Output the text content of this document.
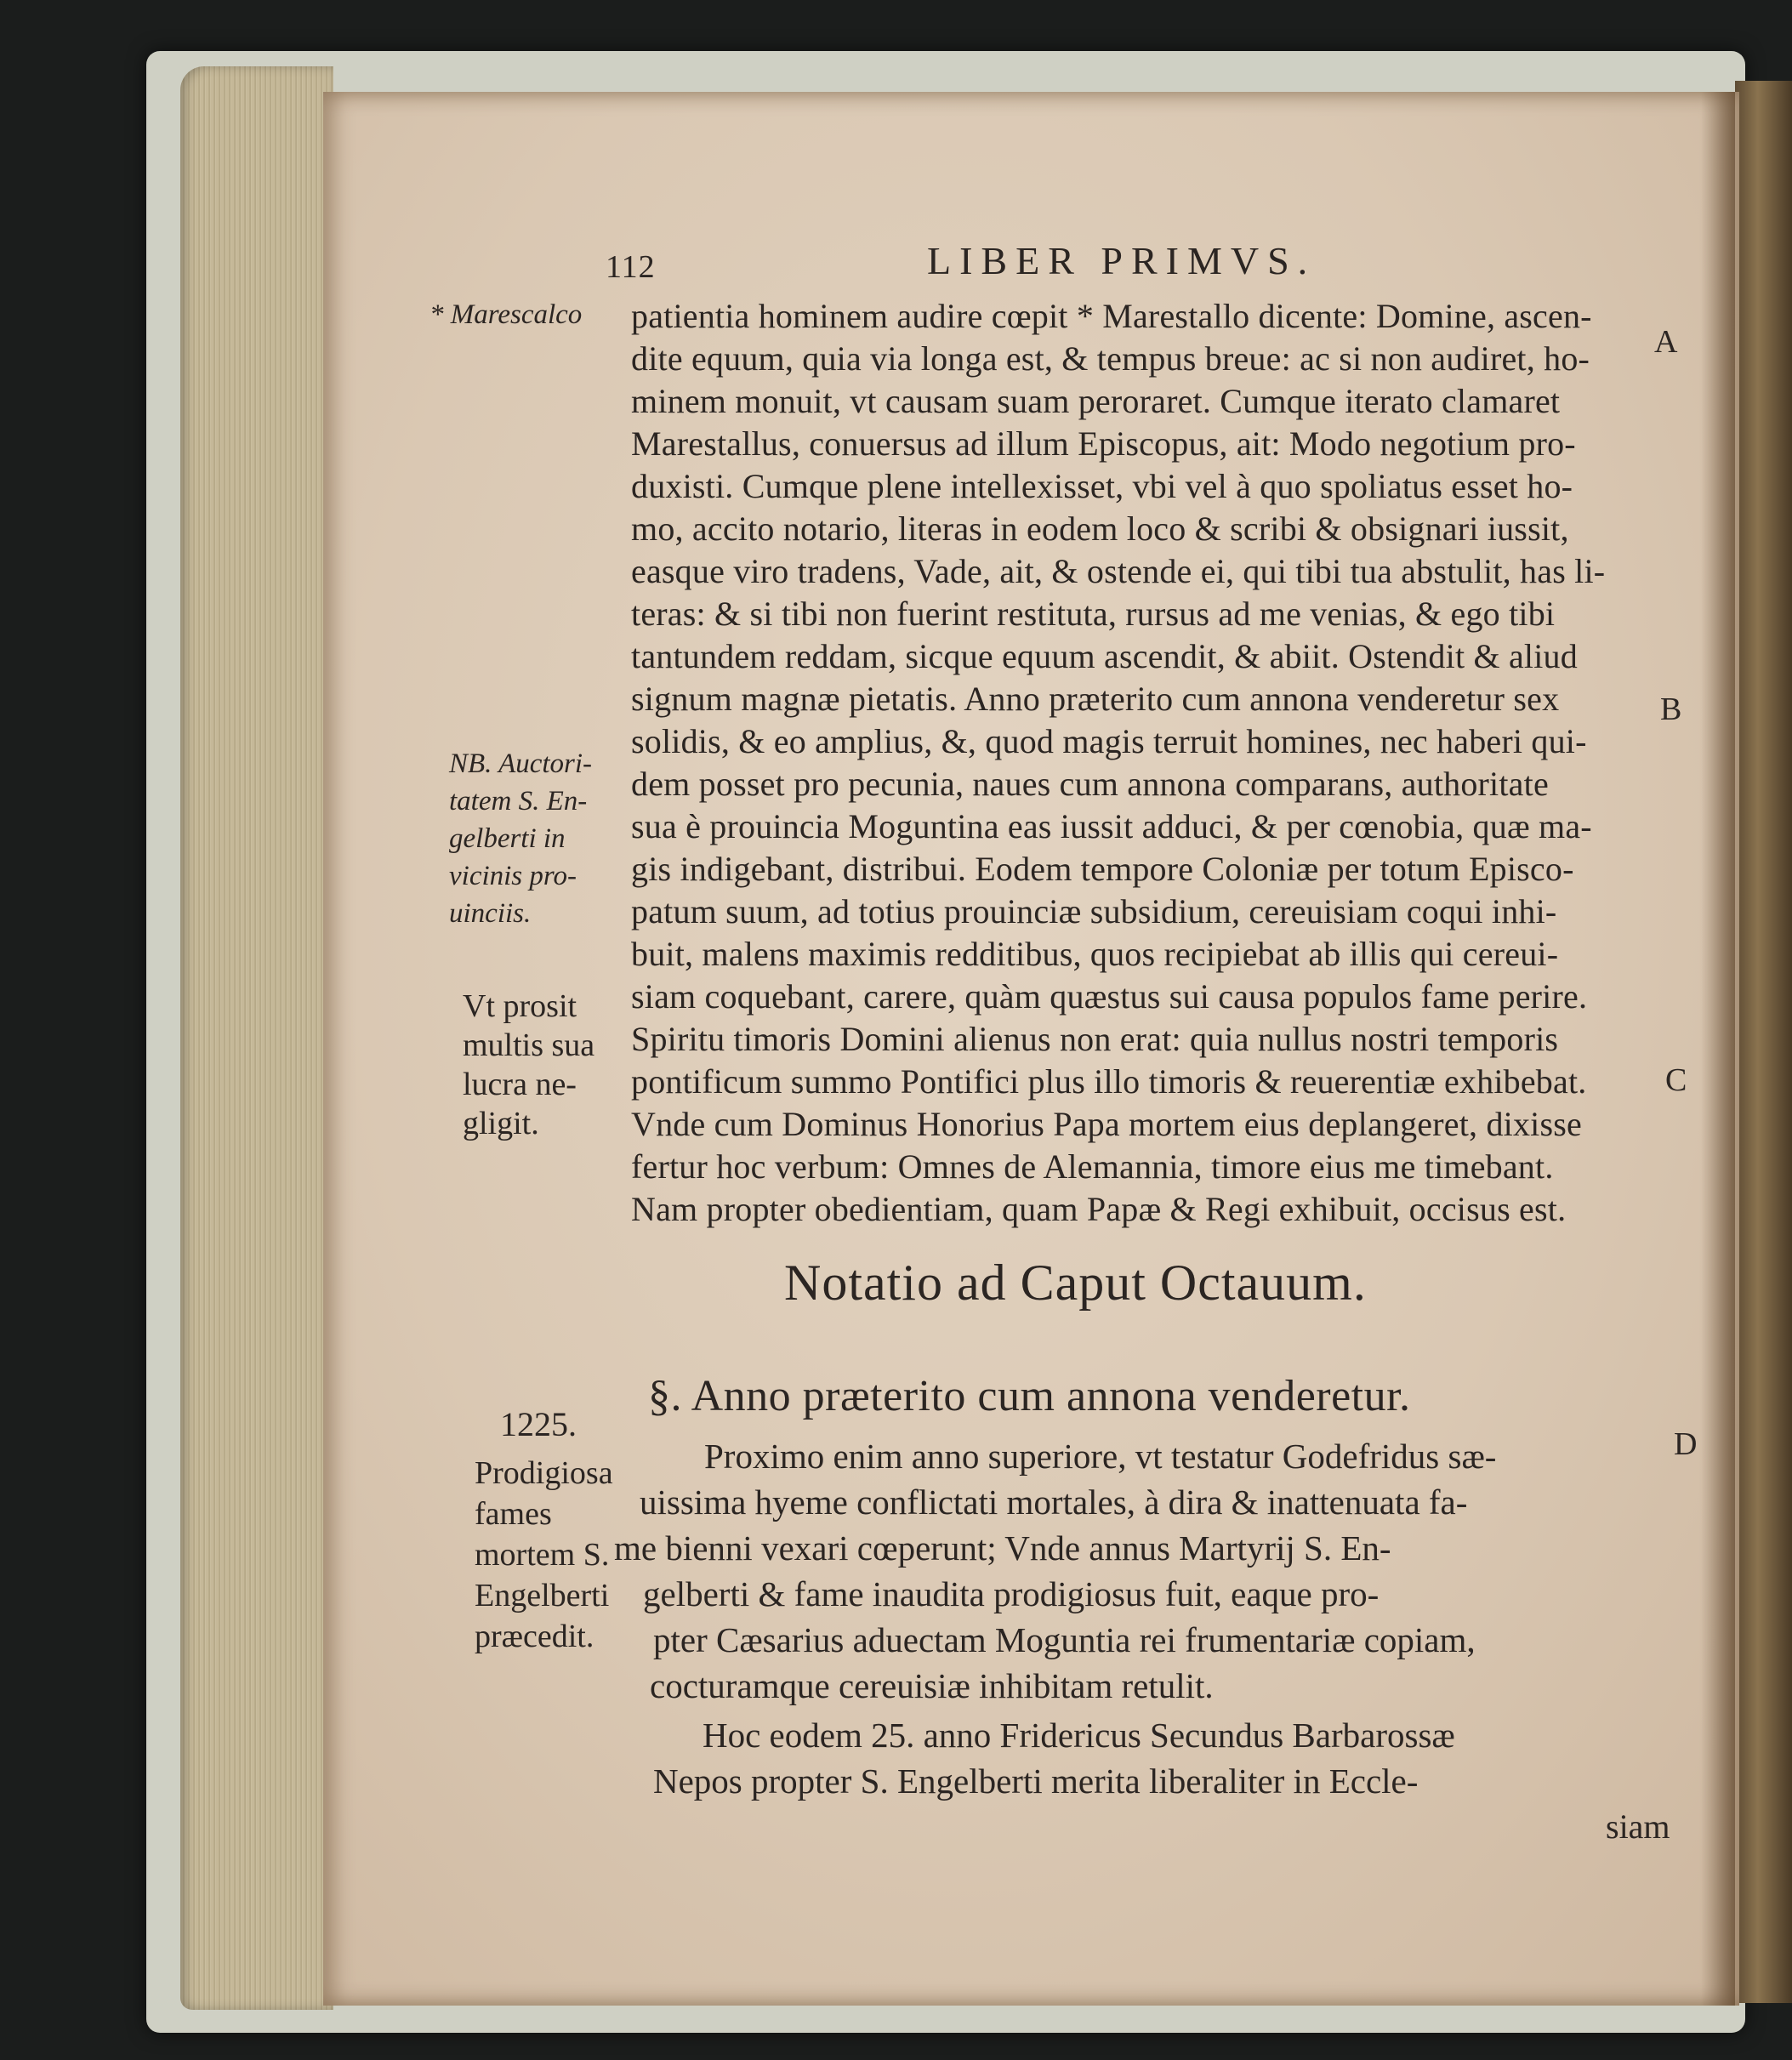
112	LIBER PRIMVS.
* Marescalco
NB. Auctori-
tatem S. En-
gelberti in
vicinis pro-
uinciis.
Vt prosit
multis sua
lucra ne-
gligit.
1225.
Prodigiosa
fames
mortem S.
Engelberti
præcedit.
A
B
C
D
patientia hominem audire cœpit * Marestallo dicente: Domine, ascen-
dite equum, quia via longa est, & tempus breue: ac si non audiret, ho-
minem monuit, vt causam suam peroraret. Cumque iterato clamaret
Marestallus, conuersus ad illum Episcopus, ait: Modo negotium pro-
duxisti. Cumque plene intellexisset, vbi vel à quo spoliatus esset ho-
mo, accito notario, literas in eodem loco & scribi & obsignari iussit,
easque viro tradens, Vade, ait, & ostende ei, qui tibi tua abstulit, has li-
teras: & si tibi non fuerint restituta, rursus ad me venias, & ego tibi
tantundem reddam, sicque equum ascendit, & abiit. Ostendit & aliud
signum magnæ pietatis. Anno præterito cum annona venderetur sex
solidis, & eo amplius, &, quod magis terruit homines, nec haberi qui-
dem posset pro pecunia, naues cum annona comparans, authoritate
sua è prouincia Moguntina eas iussit adduci, & per cœnobia, quæ ma-
gis indigebant, distribui. Eodem tempore Coloniæ per totum Episco-
patum suum, ad totius prouinciæ subsidium, cereuisiam coqui inhi-
buit, malens maximis redditibus, quos recipiebat ab illis qui cereui-
siam coquebant, carere, quàm quæstus sui causa populos fame perire.
Spiritu timoris Domini alienus non erat: quia nullus nostri temporis
pontificum summo Pontifici plus illo timoris & reuerentiæ exhibebat.
Vnde cum Dominus Honorius Papa mortem eius deplangeret, dixisse
fertur hoc verbum: Omnes de Alemannia, timore eius me timebant.
Nam propter obedientiam, quam Papæ & Regi exhibuit, occisus est.
Notatio ad Caput Octauum.
§. Anno præterito cum annona venderetur.
Proximo enim anno superiore, vt testatur Godefridus sæ-
uissima hyeme conflictati mortales, à dira & inattenuata fa-
me bienni vexari cœperunt; Vnde annus Martyrij S. En-
gelberti & fame inaudita prodigiosus fuit, eaque pro-
pter Cæsarius aduectam Moguntia rei frumentariæ copiam,
cocturamque cereuisiæ inhibitam retulit.
Hoc eodem 25. anno Fridericus Secundus Barbarossæ
Nepos propter S. Engelberti merita liberaliter in Eccle-
siam
